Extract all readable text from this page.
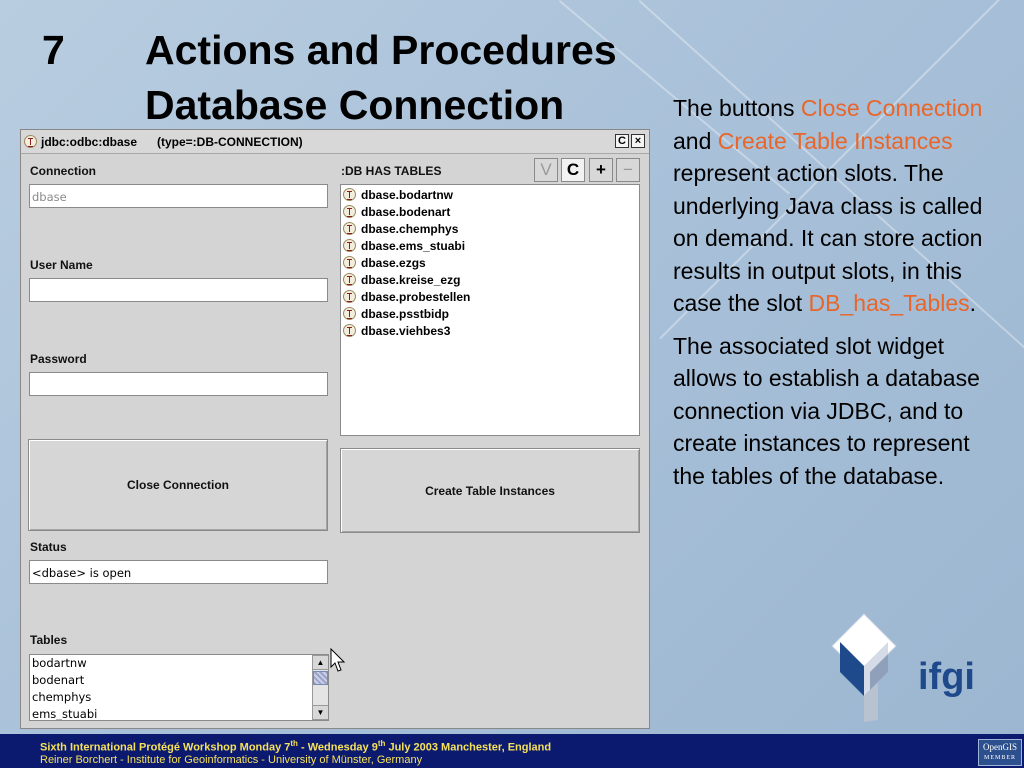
7 Actions and Procedures
Database Connection	The buttons Close Connection and Create Table Instances represent action slots. The underlying Java class is called on demand. It can store action results in output slots, in this case the slot DB_has_Tables.

The associated slot widget allows to establish a database connection via JDBC, and to create instances to represent the tables of the database.

jdbc:odbc:dbase (type=:DB-CONNECTION)	C ×
Connection
dbase
User Name
Password
Close Connection
Status
<dbase> is open
Tables
bodartnw
bodenart
chemphys
ems_stuabi
▲
▼
:DB HAS TABLES	V C +	−
dbase.bodartnw
dbase.bodenart
dbase.chemphys
dbase.ems_stuabi
dbase.ezgs
dbase.kreise_ezg
dbase.probestellen
dbase.psstbidp
dbase.viehbes3
Create Table Instances
ifgi
Sixth International Protégé Workshop Monday 7th - Wednesday 9th July 2003 Manchester, England
Reiner Borchert - Institute for Geoinformatics - University of Münster, Germany
OpenGIS
MEMBER
